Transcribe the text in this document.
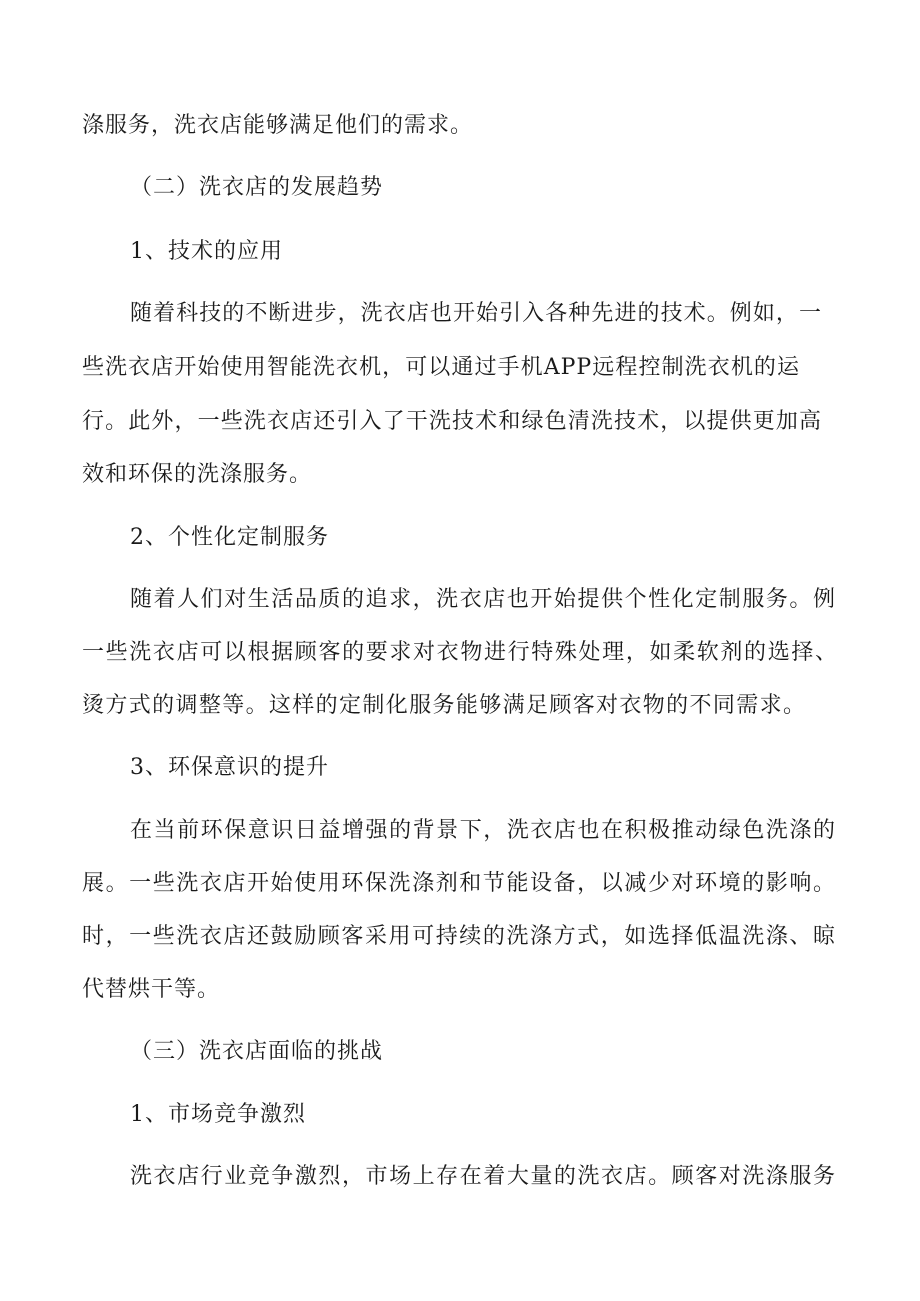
涤服务，洗衣店能够满足他们的需求。
（二）洗衣店的发展趋势
1、技术的应用
随着科技的不断进步，洗衣店也开始引入各种先进的技术。例如，一
些洗衣店开始使用智能洗衣机，可以通过手机APP远程控制洗衣机的运
行。此外，一些洗衣店还引入了干洗技术和绿色清洗技术，以提供更加高
效和环保的洗涤服务。
2、个性化定制服务
随着人们对生活品质的追求，洗衣店也开始提供个性化定制服务。例
一些洗衣店可以根据顾客的要求对衣物进行特殊处理，如柔软剂的选择、
烫方式的调整等。这样的定制化服务能够满足顾客对衣物的不同需求。
3、环保意识的提升
在当前环保意识日益增强的背景下，洗衣店也在积极推动绿色洗涤的
展。一些洗衣店开始使用环保洗涤剂和节能设备，以减少对环境的影响。
时，一些洗衣店还鼓励顾客采用可持续的洗涤方式，如选择低温洗涤、晾
代替烘干等。
（三）洗衣店面临的挑战
1、市场竞争激烈
洗衣店行业竞争激烈，市场上存在着大量的洗衣店。顾客对洗涤服务
